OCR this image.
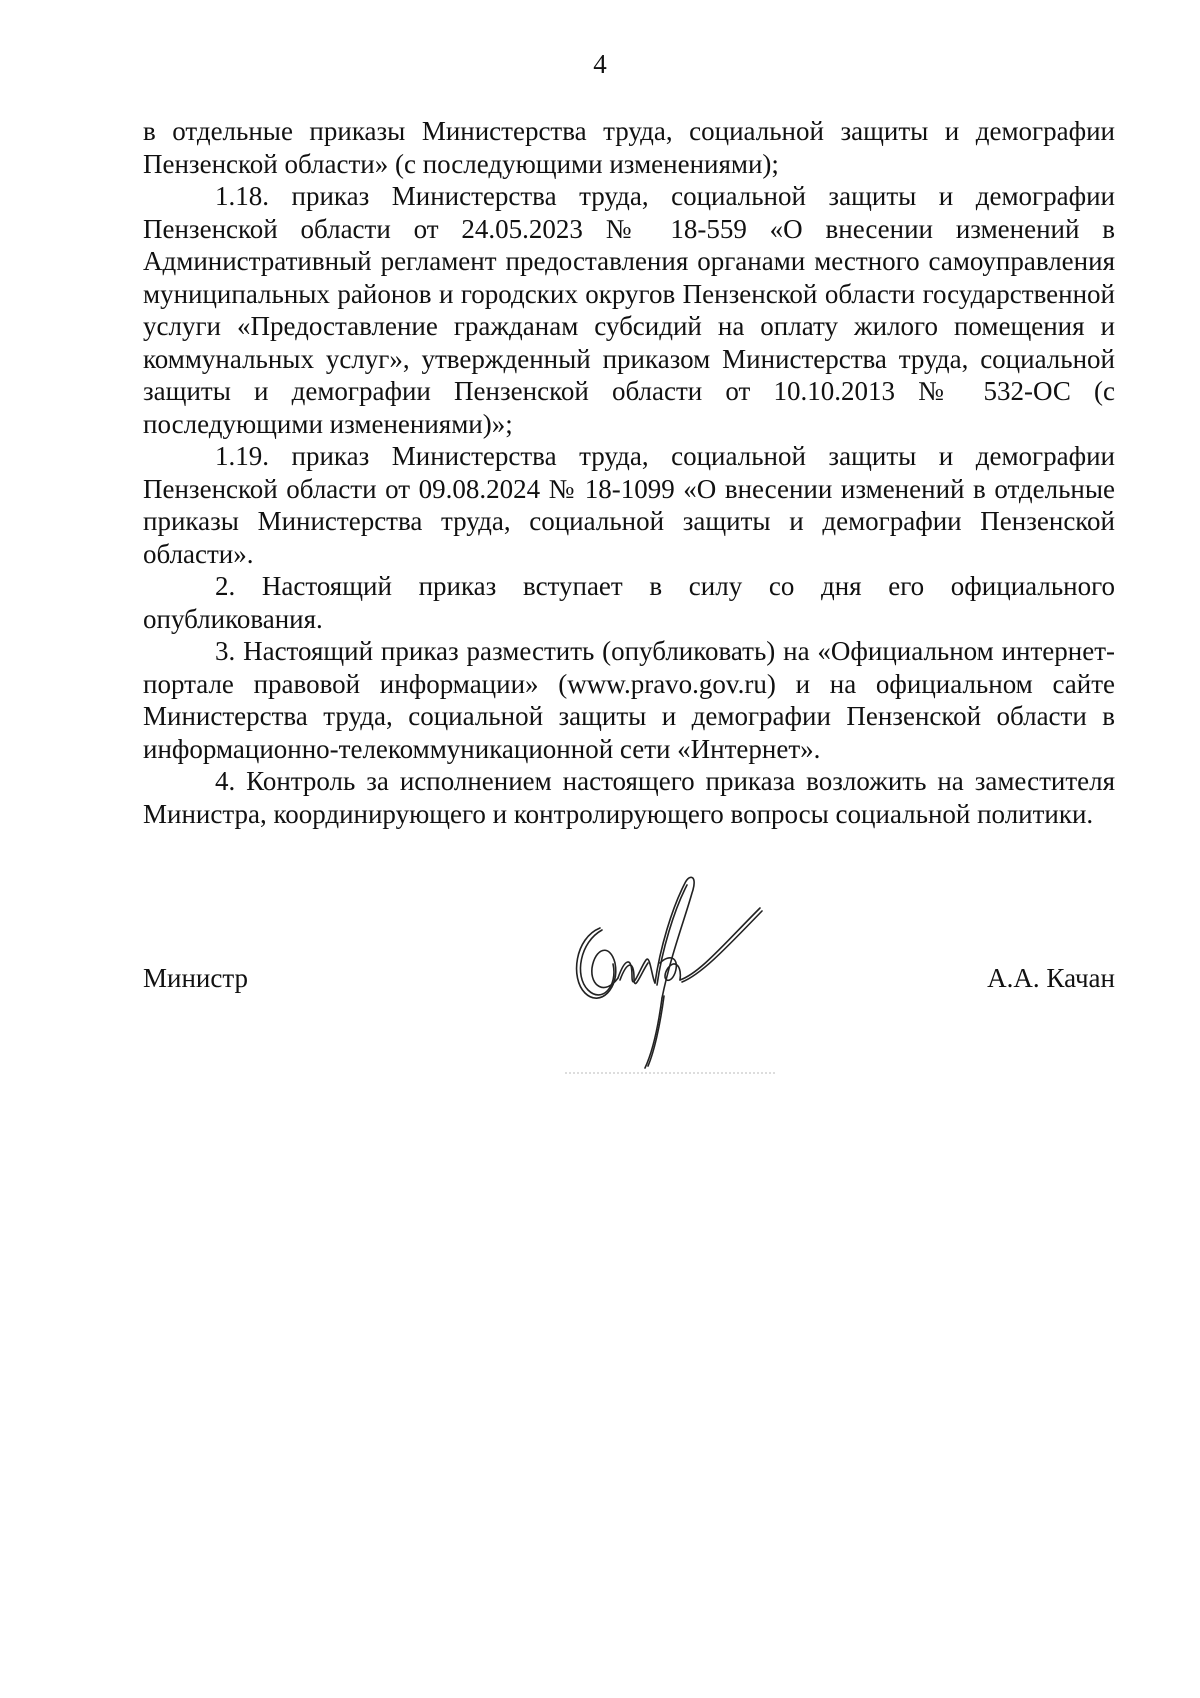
4

в отдельные приказы Министерства труда, социальной защиты и демографии Пензенской области» (с последующими изменениями);

1.18. приказ Министерства труда, социальной защиты и демографии Пензенской области от 24.05.2023 № 18-559 «О внесении изменений в Административный регламент предоставления органами местного самоуправления муниципальных районов и городских округов Пензенской области государственной услуги «Предоставление гражданам субсидий на оплату жилого помещения и коммунальных услуг», утвержденный приказом Министерства труда, социальной защиты и демографии Пензенской области от 10.10.2013 № 532-ОС (с последующими изменениями)»;

1.19. приказ Министерства труда, социальной защиты и демографии Пензенской области от 09.08.2024 № 18-1099 «О внесении изменений в отдельные приказы Министерства труда, социальной защиты и демографии Пензенской области».

2. Настоящий приказ вступает в силу со дня его официального опубликования.

3. Настоящий приказ разместить (опубликовать) на «Официальном интернет-портале правовой информации» (www.pravo.gov.ru) и на официальном сайте Министерства труда, социальной защиты и демографии Пензенской области в информационно-телекоммуникационной сети «Интернет».

4. Контроль за исполнением настоящего приказа возложить на заместителя Министра, координирующего и контролирующего вопросы социальной политики.

Министр	А.А. Качан
